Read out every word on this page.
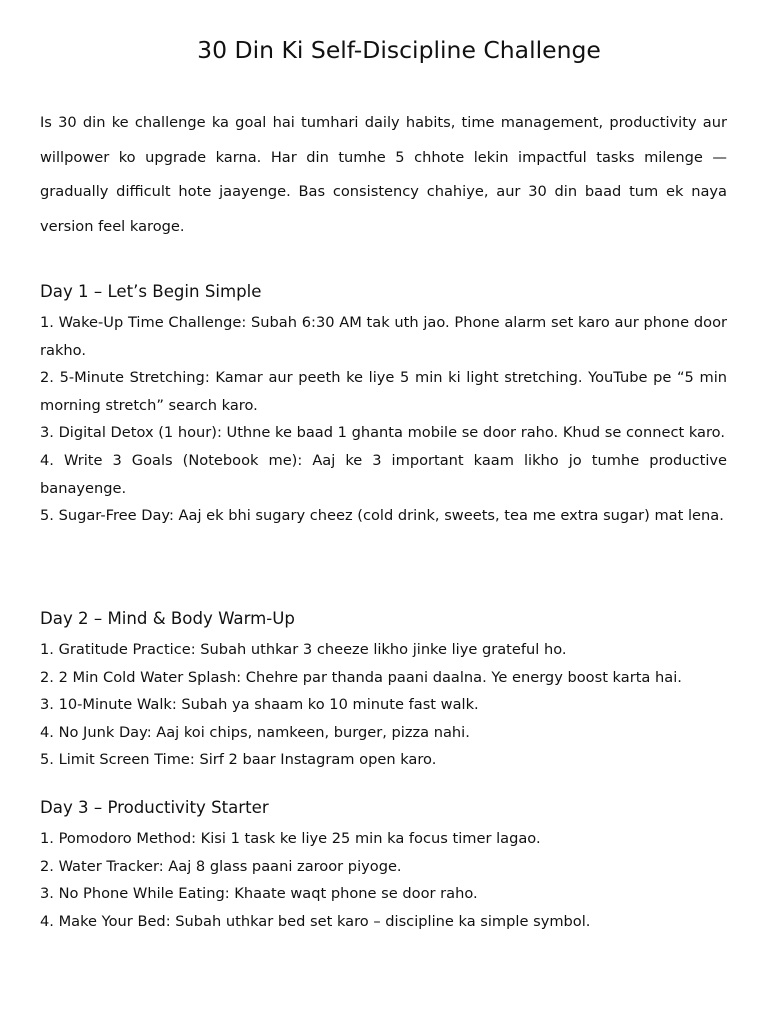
30 Din Ki Self-Discipline Challenge

Is 30 din ke challenge ka goal hai tumhari daily habits, time management, productivity aur willpower ko upgrade karna. Har din tumhe 5 chhote lekin impactful tasks milenge — gradually difficult hote jaayenge. Bas consistency chahiye, aur 30 din baad tum ek naya version feel karoge.

Day 1 – Let’s Begin Simple
1. Wake-Up Time Challenge: Subah 6:30 AM tak uth jao. Phone alarm set karo aur phone door rakho.
2. 5-Minute Stretching: Kamar aur peeth ke liye 5 min ki light stretching. YouTube pe “5 min morning stretch” search karo.
3. Digital Detox (1 hour): Uthne ke baad 1 ghanta mobile se door raho. Khud se connect karo.
4. Write 3 Goals (Notebook me): Aaj ke 3 important kaam likho jo tumhe productive banayenge.
5. Sugar-Free Day: Aaj ek bhi sugary cheez (cold drink, sweets, tea me extra sugar) mat lena.
Day 2 – Mind & Body Warm-Up
1. Gratitude Practice: Subah uthkar 3 cheeze likho jinke liye grateful ho.
2. 2 Min Cold Water Splash: Chehre par thanda paani daalna. Ye energy boost karta hai.
3. 10-Minute Walk: Subah ya shaam ko 10 minute fast walk.
4. No Junk Day: Aaj koi chips, namkeen, burger, pizza nahi.
5. Limit Screen Time: Sirf 2 baar Instagram open karo.
Day 3 – Productivity Starter
1. Pomodoro Method: Kisi 1 task ke liye 25 min ka focus timer lagao.
2. Water Tracker: Aaj 8 glass paani zaroor piyoge.
3. No Phone While Eating: Khaate waqt phone se door raho.
4. Make Your Bed: Subah uthkar bed set karo – discipline ka simple symbol.
